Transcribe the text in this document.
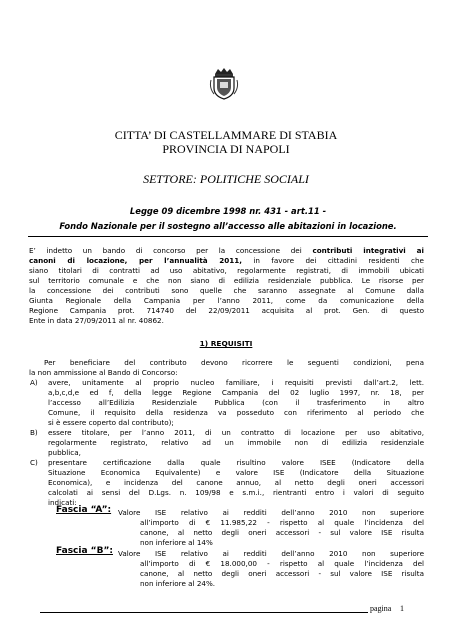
CITTA’ DI CASTELLAMMARE DI STABIA
PROVINCIA DI NAPOLI
SETTORE: POLITICHE SOCIALI
Legge 09 dicembre 1998 nr. 431 - art.11 -
Fondo Nazionale per il sostegno all’accesso alle abitazioni in locazione.
E’ indetto un bando di concorso per la concessione dei contributi integrativi ai
canoni di locazione, per l’annualità 2011, in favore dei cittadini residenti che
siano titolari di contratti ad uso abitativo, regolarmente registrati, di immobili ubicati
sul territorio comunale e che non siano di edilizia residenziale pubblica. Le risorse per
la concessione dei contributi sono quelle che saranno assegnate al Comune dalla
Giunta Regionale della Campania per l’anno 2011, come da comunicazione della
Regione Campania prot. 714740 del 22/09/2011 acquisita al prot. Gen. di questo
Ente in data 27/09/2011 al nr. 40862.
1) REQUISITI
Per beneficiare del contributo devono ricorrere le seguenti condizioni, pena
la non ammissione al Bando di Concorso:
A) avere, unitamente al proprio nucleo familiare, i requisiti previsti dall’art.2, lett.
a,b,c,d,e ed f, della legge Regione Campania del 02 luglio 1997, nr. 18, per
l’accesso all’Edilizia Residenziale Pubblica (con il trasferimento in altro
Comune, il requisito della residenza va posseduto con riferimento al periodo che
si è essere coperto dal contributo);
B) essere titolare, per l’anno 2011, di un contratto di locazione per uso abitativo,
regolarmente registrato, relativo ad un immobile non di edilizia residenziale
pubblica,
C) presentare certificazione dalla quale risultino valore ISEE (Indicatore della
Situazione Economica Equivalente) e valore ISE (Indicatore della Situazione
Economica), e incidenza del canone annuo, al netto degli oneri accessori
calcolati ai sensi del D.Lgs. n. 109/98 e s.m.i., rientranti entro i valori di seguito
indicati:
Fascia “A”: Valore ISE relativo ai redditi dell’anno 2010 non superiore
all’importo di € 11.985,22 - rispetto al quale l’incidenza del
canone, al netto degli oneri accessori - sul valore ISE risulta
non inferiore al 14%
Fascia “B”: Valore ISE relativo ai redditi dell’anno 2010 non superiore
all’importo di € 18.000,00 - rispetto al quale l’incidenza del
canone, al netto degli oneri accessori - sul valore ISE risulta
non inferiore al 24%.
pagina 1
